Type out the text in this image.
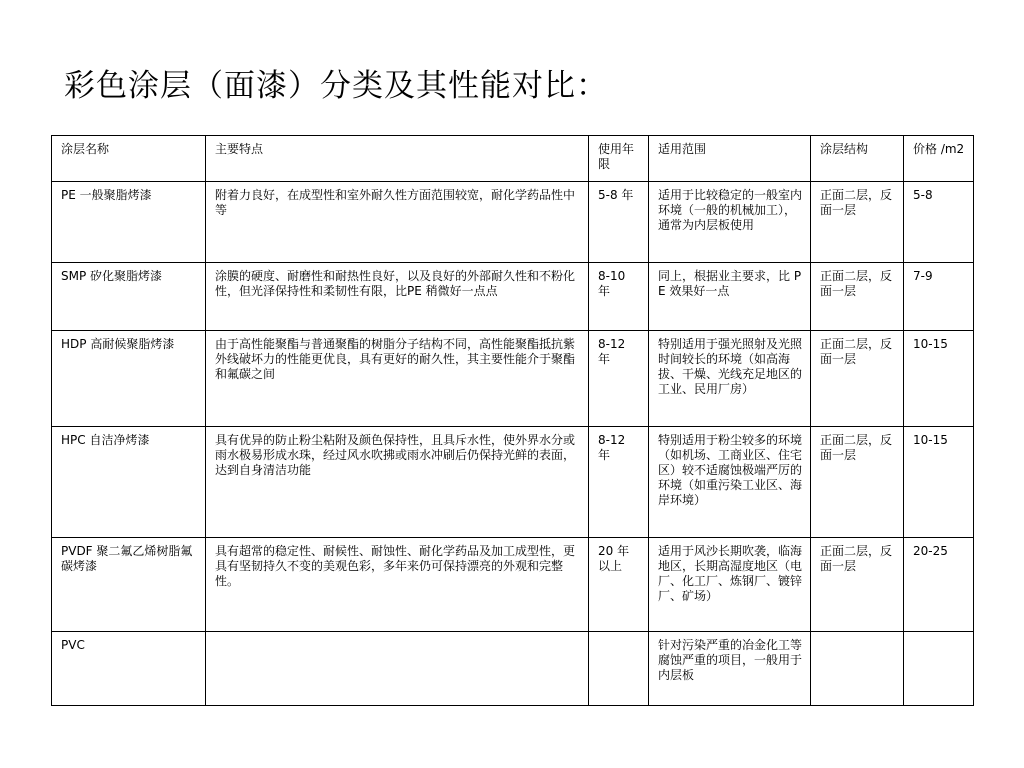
彩色涂层（面漆）分类及其性能对比：
涂层名称	主要特点	使用年限	适用范围	涂层结构	价格 /m2
PE 一般聚脂烤漆	附着力良好，在成型性和室外耐久性方面范围较宽，耐化学药品性中等	5-8 年	适用于比较稳定的一般室内环境（一般的机械加工），通常为内层板使用	正面二层，反面一层	5-8
SMP 矽化聚脂烤漆	涂膜的硬度、耐磨性和耐热性良好，以及良好的外部耐久性和不粉化性，但光泽保持性和柔韧性有限，比PE 稍微好一点点	8-10 年	同上，根据业主要求，比 PE 效果好一点	正面二层，反面一层	7-9
HDP 高耐候聚脂烤漆	由于高性能聚酯与普通聚酯的树脂分子结构不同，高性能聚酯抵抗紫外线破坏力的性能更优良，具有更好的耐久性，其主要性能介于聚酯和氟碳之间	8-12 年	特别适用于强光照射及光照时间较长的环境（如高海拔、干燥、光线充足地区的工业、民用厂房）	正面二层，反面一层	10-15
HPC 自洁净烤漆	具有优异的防止粉尘粘附及颜色保持性，且具斥水性，使外界水分或雨水极易形成水珠，经过风水吹拂或雨水冲刷后仍保持光鲜的表面，达到自身清洁功能	8-12 年	特别适用于粉尘较多的环境（如机场、工商业区、住宅区）较不适腐蚀极端严厉的环境（如重污染工业区、海岸环境）	正面二层，反面一层	10-15
PVDF 聚二氟乙烯树脂氟碳烤漆	具有超常的稳定性、耐候性、耐蚀性、耐化学药品及加工成型性，更具有坚韧持久不变的美观色彩，多年来仍可保持漂亮的外观和完整性。	20 年以上	适用于风沙长期吹袭，临海地区，长期高湿度地区（电厂、化工厂、炼钢厂、镀锌厂、矿场）	正面二层，反面一层	20-25
PVC			针对污染严重的冶金化工等腐蚀严重的项目，一般用于内层板		
